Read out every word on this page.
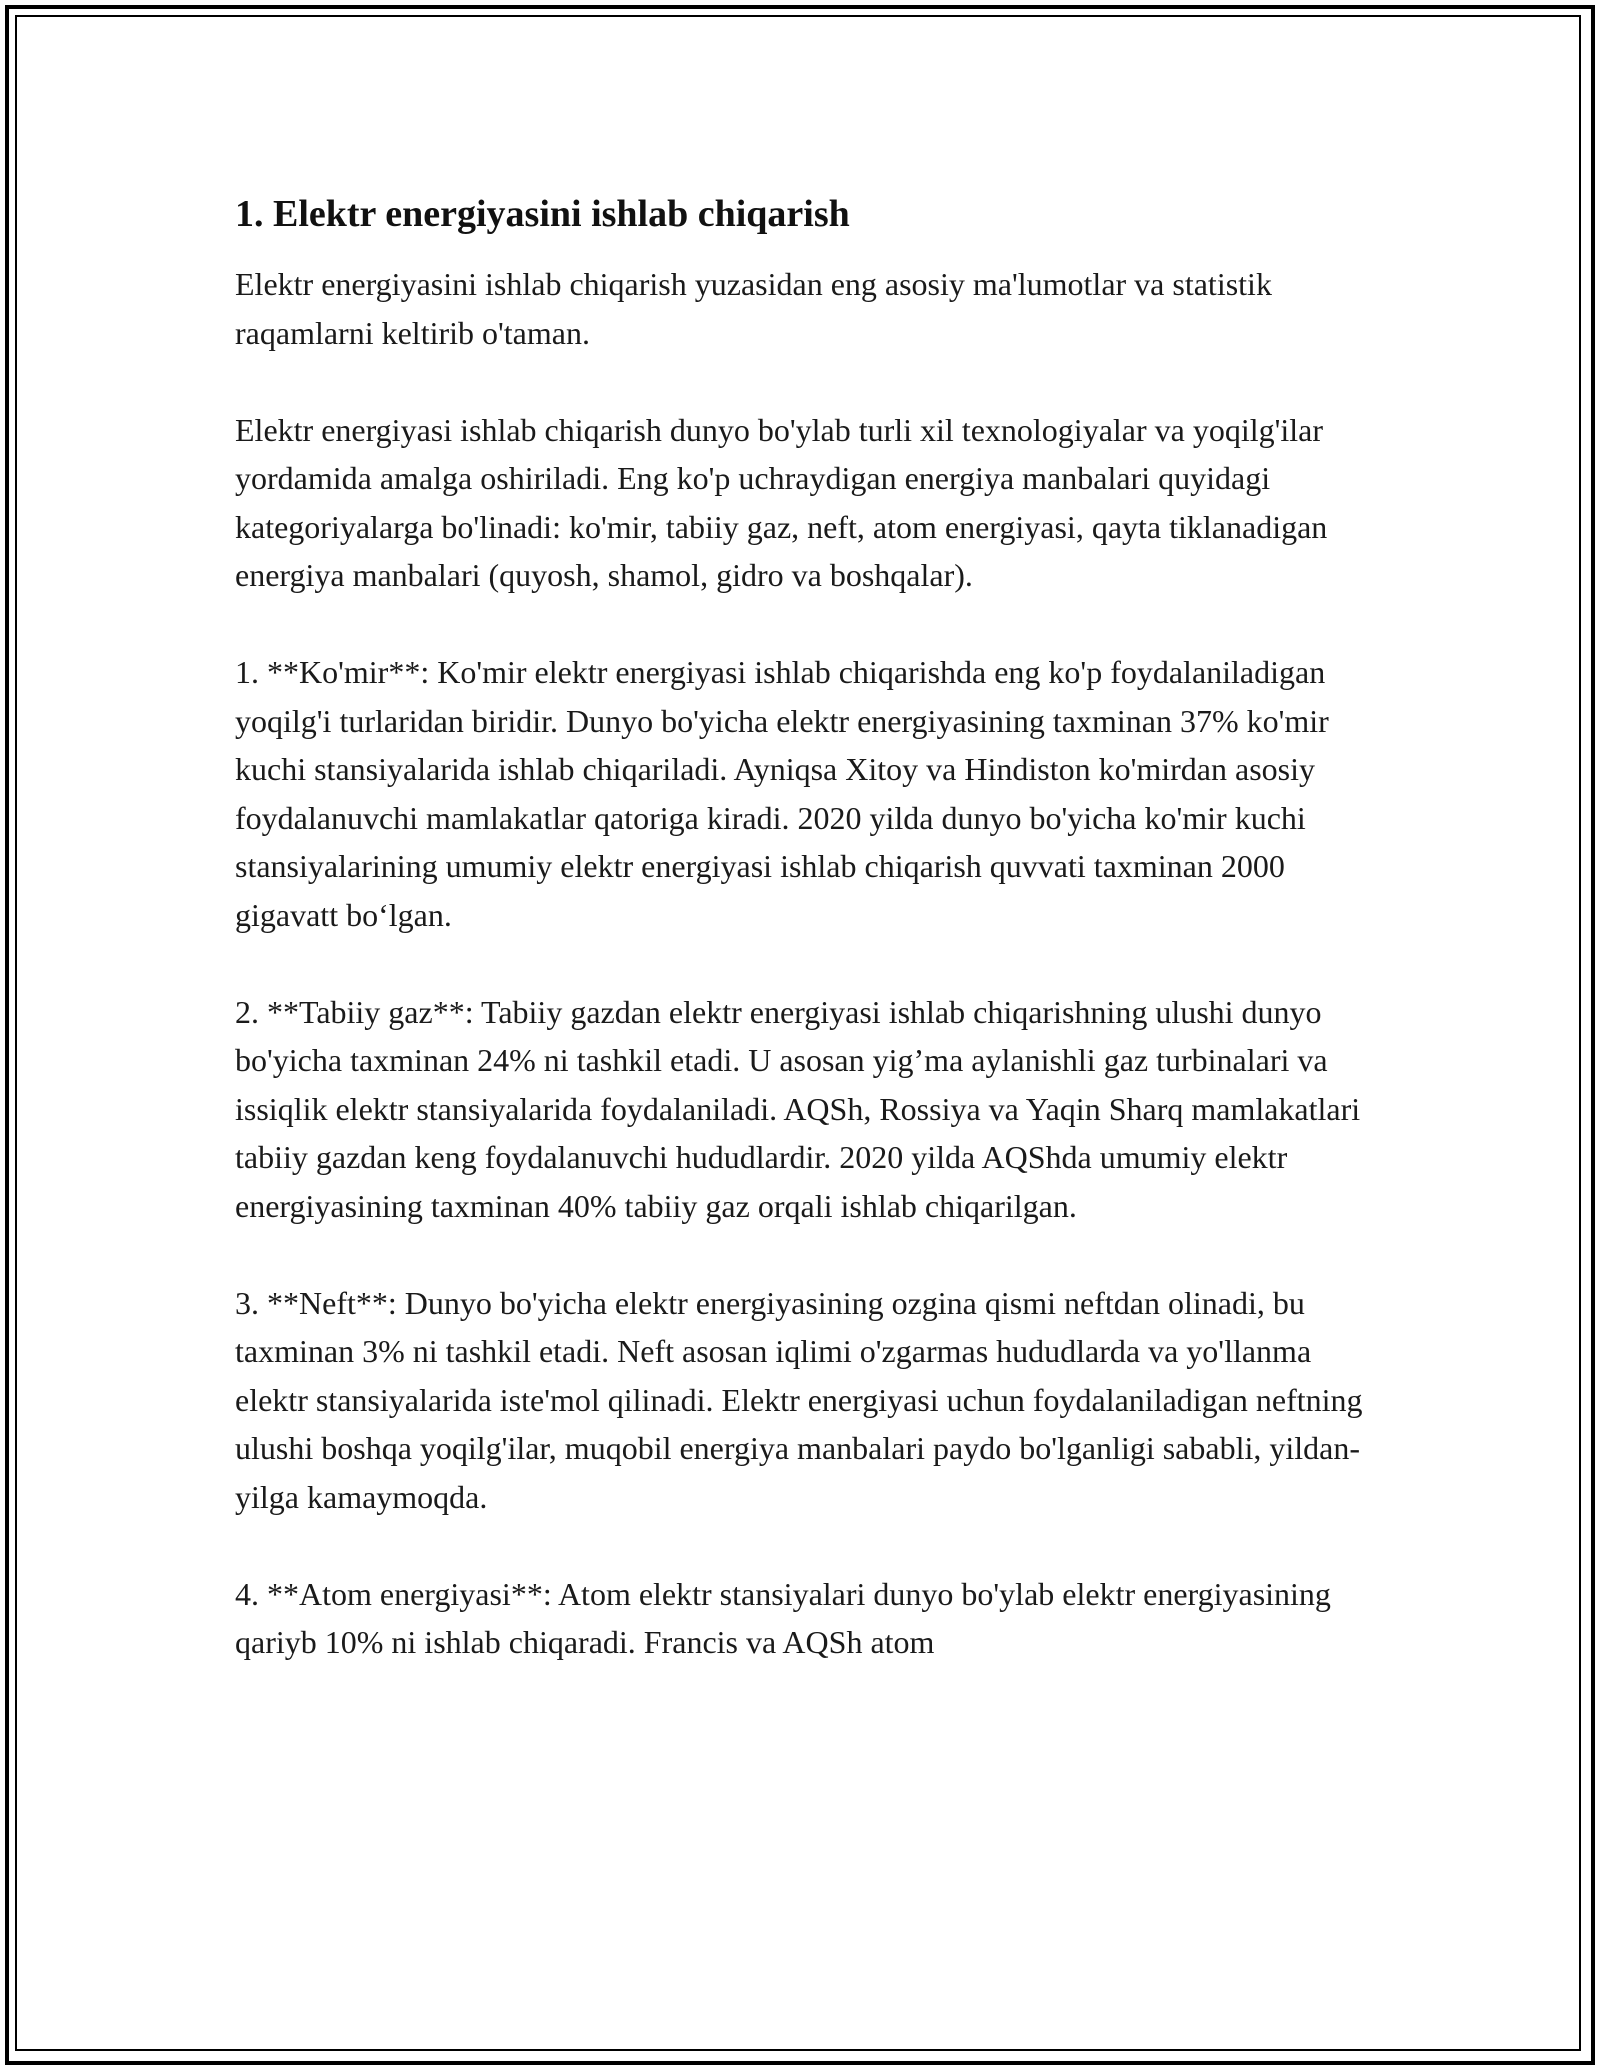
1. Elektr energiyasini ishlab chiqarish

Elektr energiyasini ishlab chiqarish yuzasidan eng asosiy ma'lumotlar va statistik raqamlarni keltirib o'taman.

Elektr energiyasi ishlab chiqarish dunyo bo'ylab turli xil texnologiyalar va yoqilg'ilar yordamida amalga oshiriladi. Eng ko'p uchraydigan energiya manbalari quyidagi kategoriyalarga bo'linadi: ko'mir, tabiiy gaz, neft, atom energiyasi, qayta tiklanadigan energiya manbalari (quyosh, shamol, gidro va boshqalar).

1. **Ko'mir**: Ko'mir elektr energiyasi ishlab chiqarishda eng ko'p foydalaniladigan yoqilg'i turlaridan biridir. Dunyo bo'yicha elektr energiyasining taxminan 37% ko'mir kuchi stansiyalarida ishlab chiqariladi. Ayniqsa Xitoy va Hindiston ko'mirdan asosiy foydalanuvchi mamlakatlar qatoriga kiradi. 2020 yilda dunyo bo'yicha ko'mir kuchi stansiyalarining umumiy elektr energiyasi ishlab chiqarish quvvati taxminan 2000 gigavatt bo‘lgan.

2. **Tabiiy gaz**: Tabiiy gazdan elektr energiyasi ishlab chiqarishning ulushi dunyo bo'yicha taxminan 24% ni tashkil etadi. U asosan yig’ma aylanishli gaz turbinalari va issiqlik elektr stansiyalarida foydalaniladi. AQSh, Rossiya va Yaqin Sharq mamlakatlari tabiiy gazdan keng foydalanuvchi hududlardir. 2020 yilda AQShda umumiy elektr energiyasining taxminan 40% tabiiy gaz orqali ishlab chiqarilgan.

3. **Neft**: Dunyo bo'yicha elektr energiyasining ozgina qismi neftdan olinadi, bu taxminan 3% ni tashkil etadi. Neft asosan iqlimi o'zgarmas hududlarda va yo'llanma elektr stansiyalarida iste'mol qilinadi. Elektr energiyasi uchun foydalaniladigan neftning ulushi boshqa yoqilg'ilar, muqobil energiya manbalari paydo bo'lganligi sababli, yildan-yilga kamaymoqda.

4. **Atom energiyasi**: Atom elektr stansiyalari dunyo bo'ylab elektr energiyasining qariyb 10% ni ishlab chiqaradi. Francis va AQSh atom
